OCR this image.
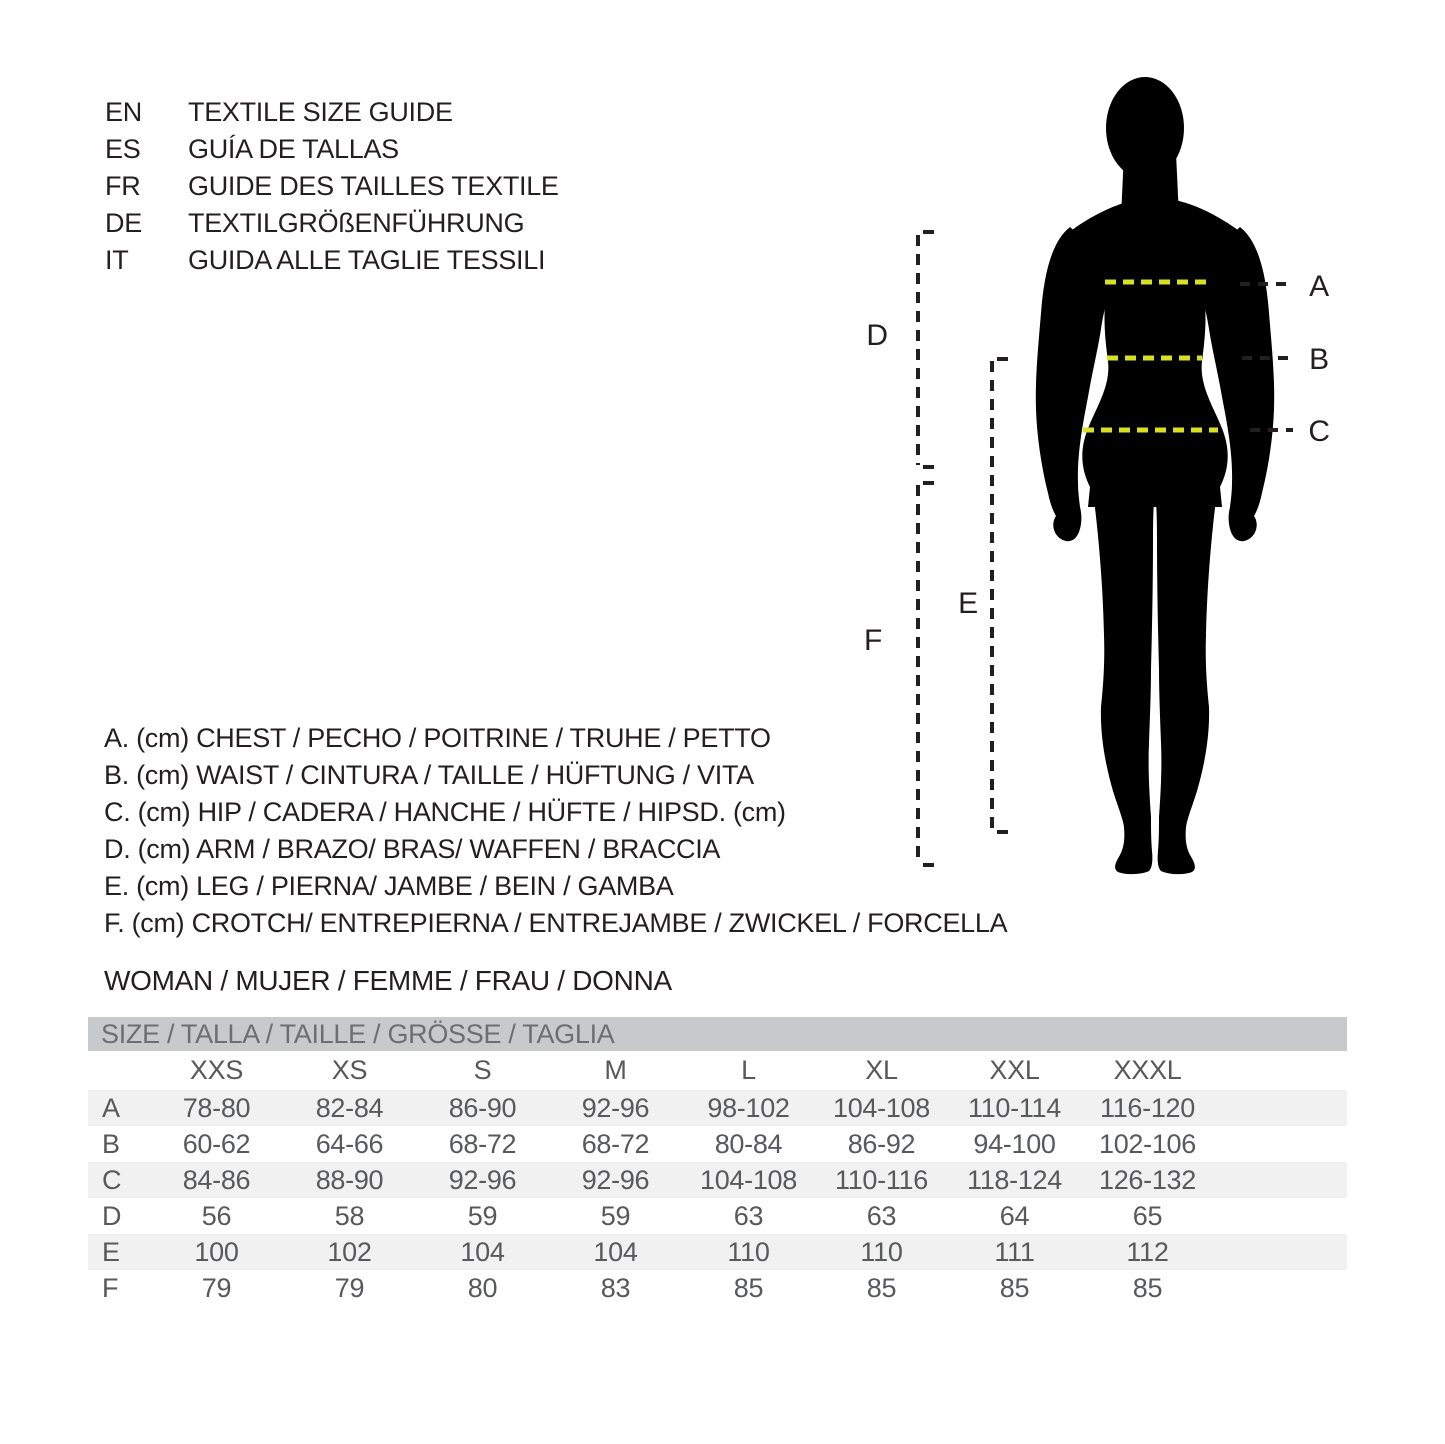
EN	TEXTILE SIZE GUIDE
ES	GUÍA DE TALLAS
FR	GUIDE DES TAILLES TEXTILE
DE	TEXTILGRÖßENFÜHRUNG
IT	GUIDA ALLE TAGLIE TESSILI
A. (cm) CHEST / PECHO / POITRINE / TRUHE / PETTO
B. (cm) WAIST / CINTURA / TAILLE / HÜFTUNG / VITA
C. (cm) HIP / CADERA / HANCHE / HÜFTE / HIPSD. (cm)
D. (cm) ARM / BRAZO/ BRAS/ WAFFEN / BRACCIA
E. (cm) LEG / PIERNA/ JAMBE / BEIN / GAMBA
F. (cm) CROTCH/ ENTREPIERNA / ENTREJAMBE / ZWICKEL / FORCELLA
WOMAN / MUJER / FEMME / FRAU / DONNA
A
B
C
D
E
F
SIZE / TALLA / TAILLE / GRÖSSE / TAGLIA
XXS	XS	S	M	L	XL	XXL	XXXL
A	78-80	82-84	86-90	92-96	98-102	104-108	110-114	116-120
B	60-62	64-66	68-72	68-72	80-84	86-92	94-100	102-106
C	84-86	88-90	92-96	92-96	104-108	110-116	118-124	126-132
D	56	58	59	59	63	63	64	65
E	100	102	104	104	110	110	111	112
F	79	79	80	83	85	85	85	85
